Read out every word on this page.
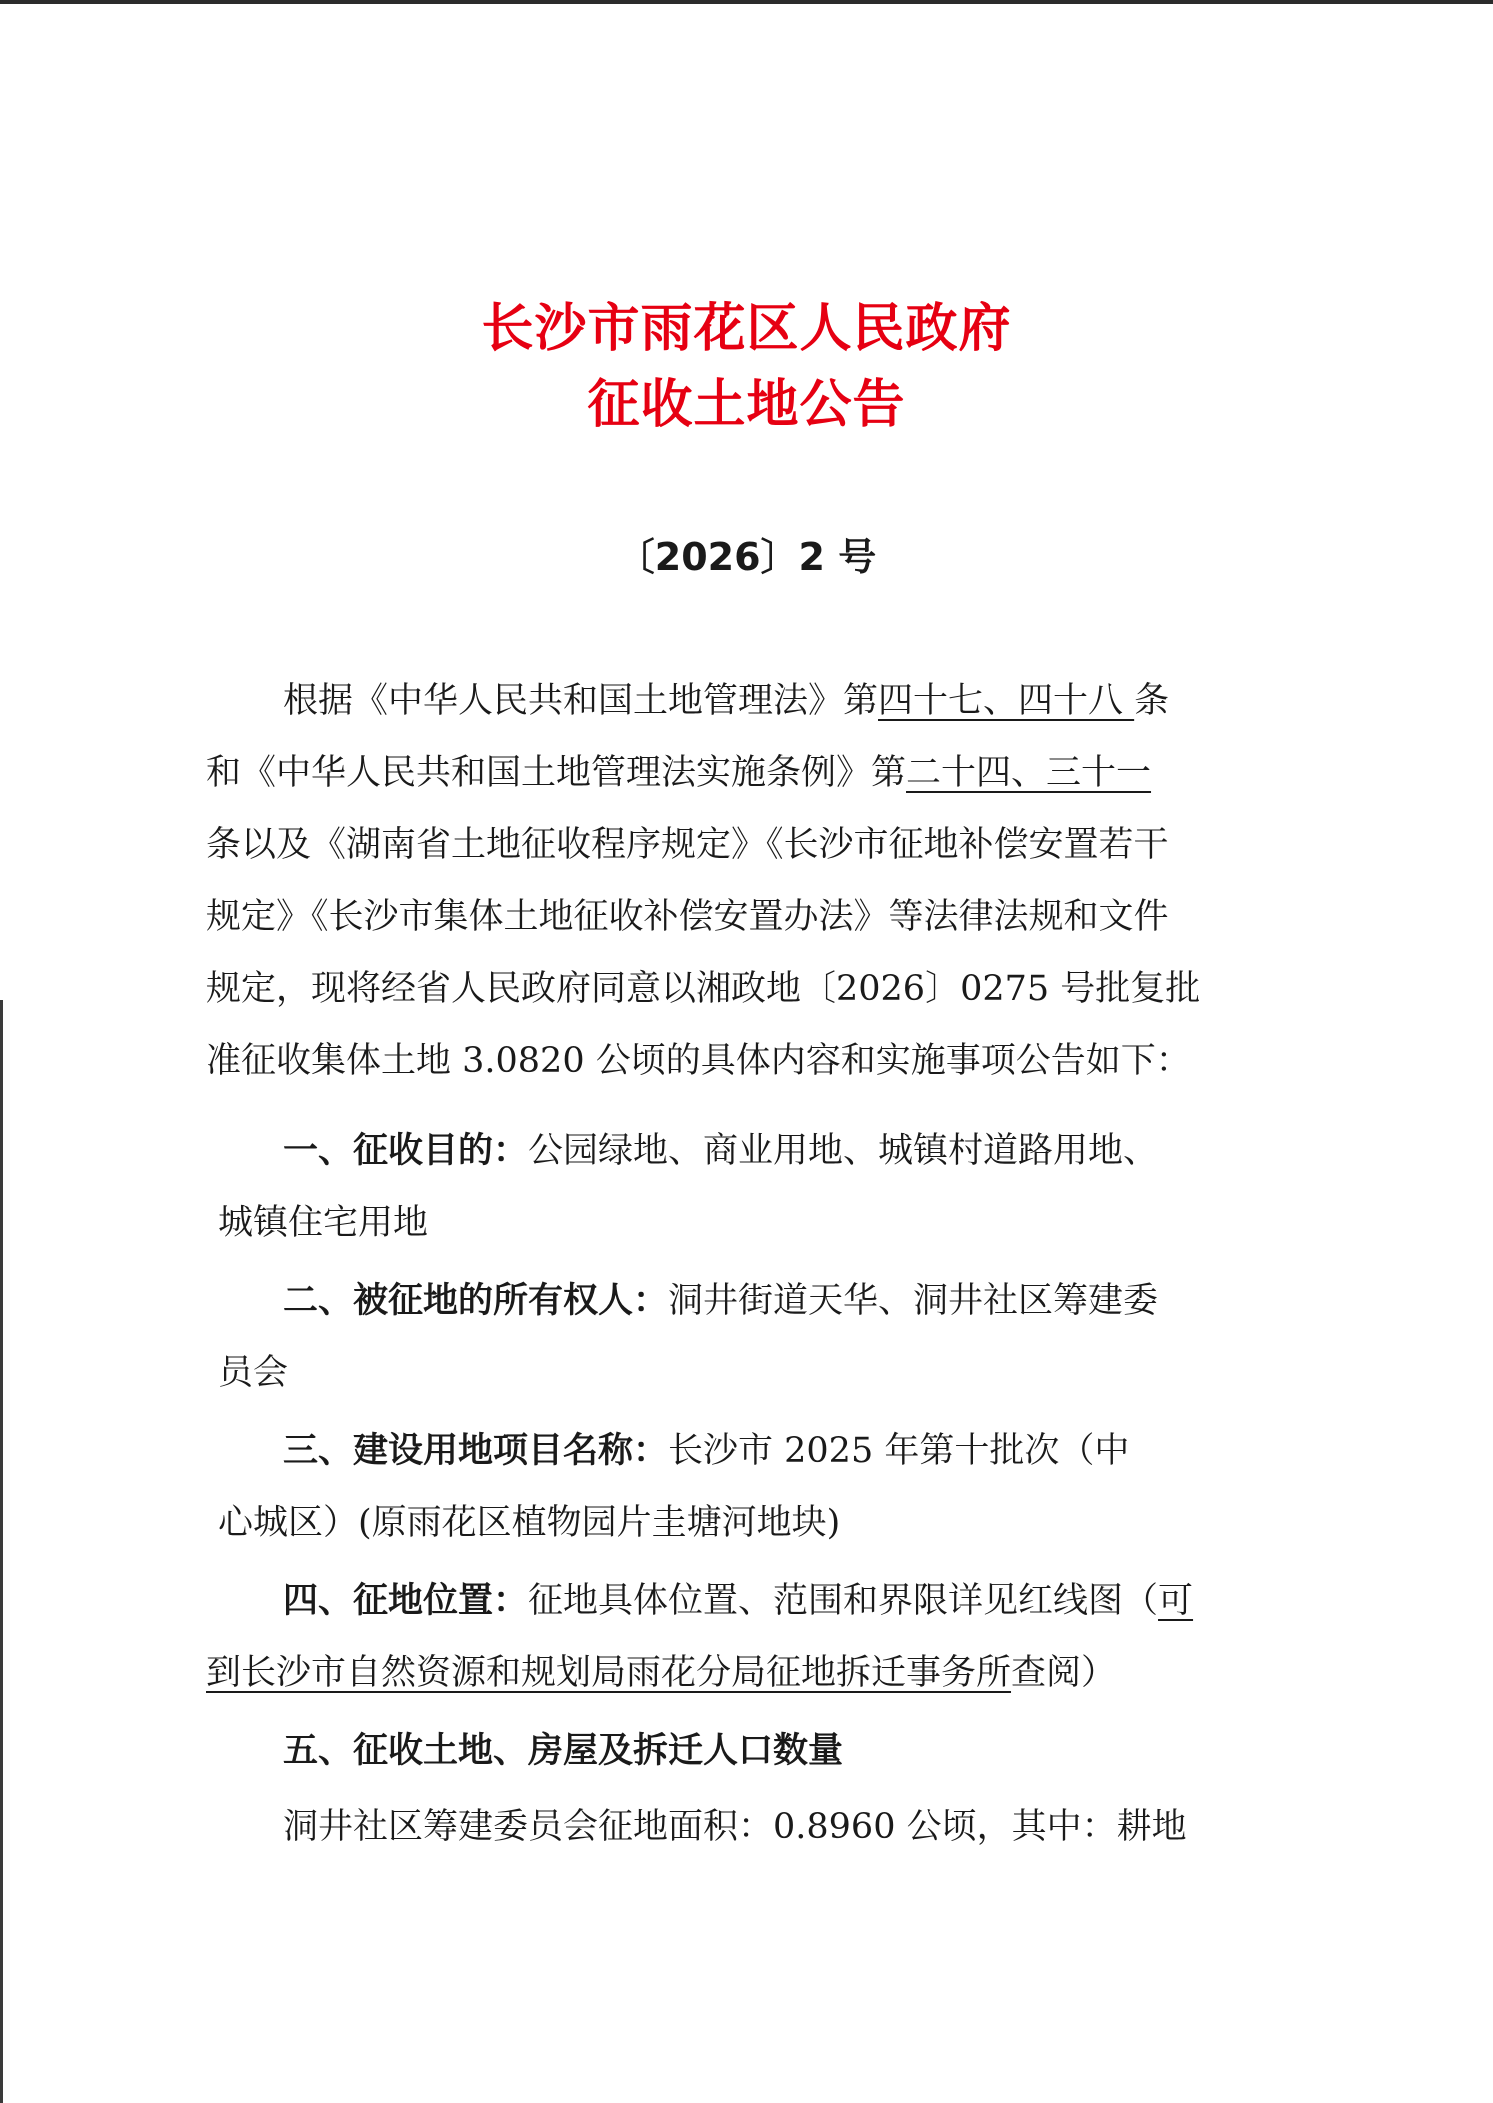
长沙市雨花区人民政府
征收土地公告
〔2026〕2 号
根据《中华人民共和国土地管理法》第四十七、四十八 条
和《中华人民共和国土地管理法实施条例》第二十四、三十一
条以及《湖南省土地征收程序规定》《长沙市征地补偿安置若干
规定》《长沙市集体土地征收补偿安置办法》等法律法规和文件
规定，现将经省人民政府同意以湘政地〔2026〕0275 号批复批
准征收集体土地 3.0820 公顷的具体内容和实施事项公告如下：
一、征收目的：公园绿地、商业用地、城镇村道路用地、
城镇住宅用地
二、被征地的所有权人：洞井街道天华、洞井社区筹建委
员会
三、建设用地项目名称：长沙市 2025 年第十批次（中
心城区）(原雨花区植物园片圭塘河地块)
四、征地位置：征地具体位置、范围和界限详见红线图（可
到长沙市自然资源和规划局雨花分局征地拆迁事务所查阅）
五、征收土地、房屋及拆迁人口数量
洞井社区筹建委员会征地面积：0.8960 公顷，其中：耕地
